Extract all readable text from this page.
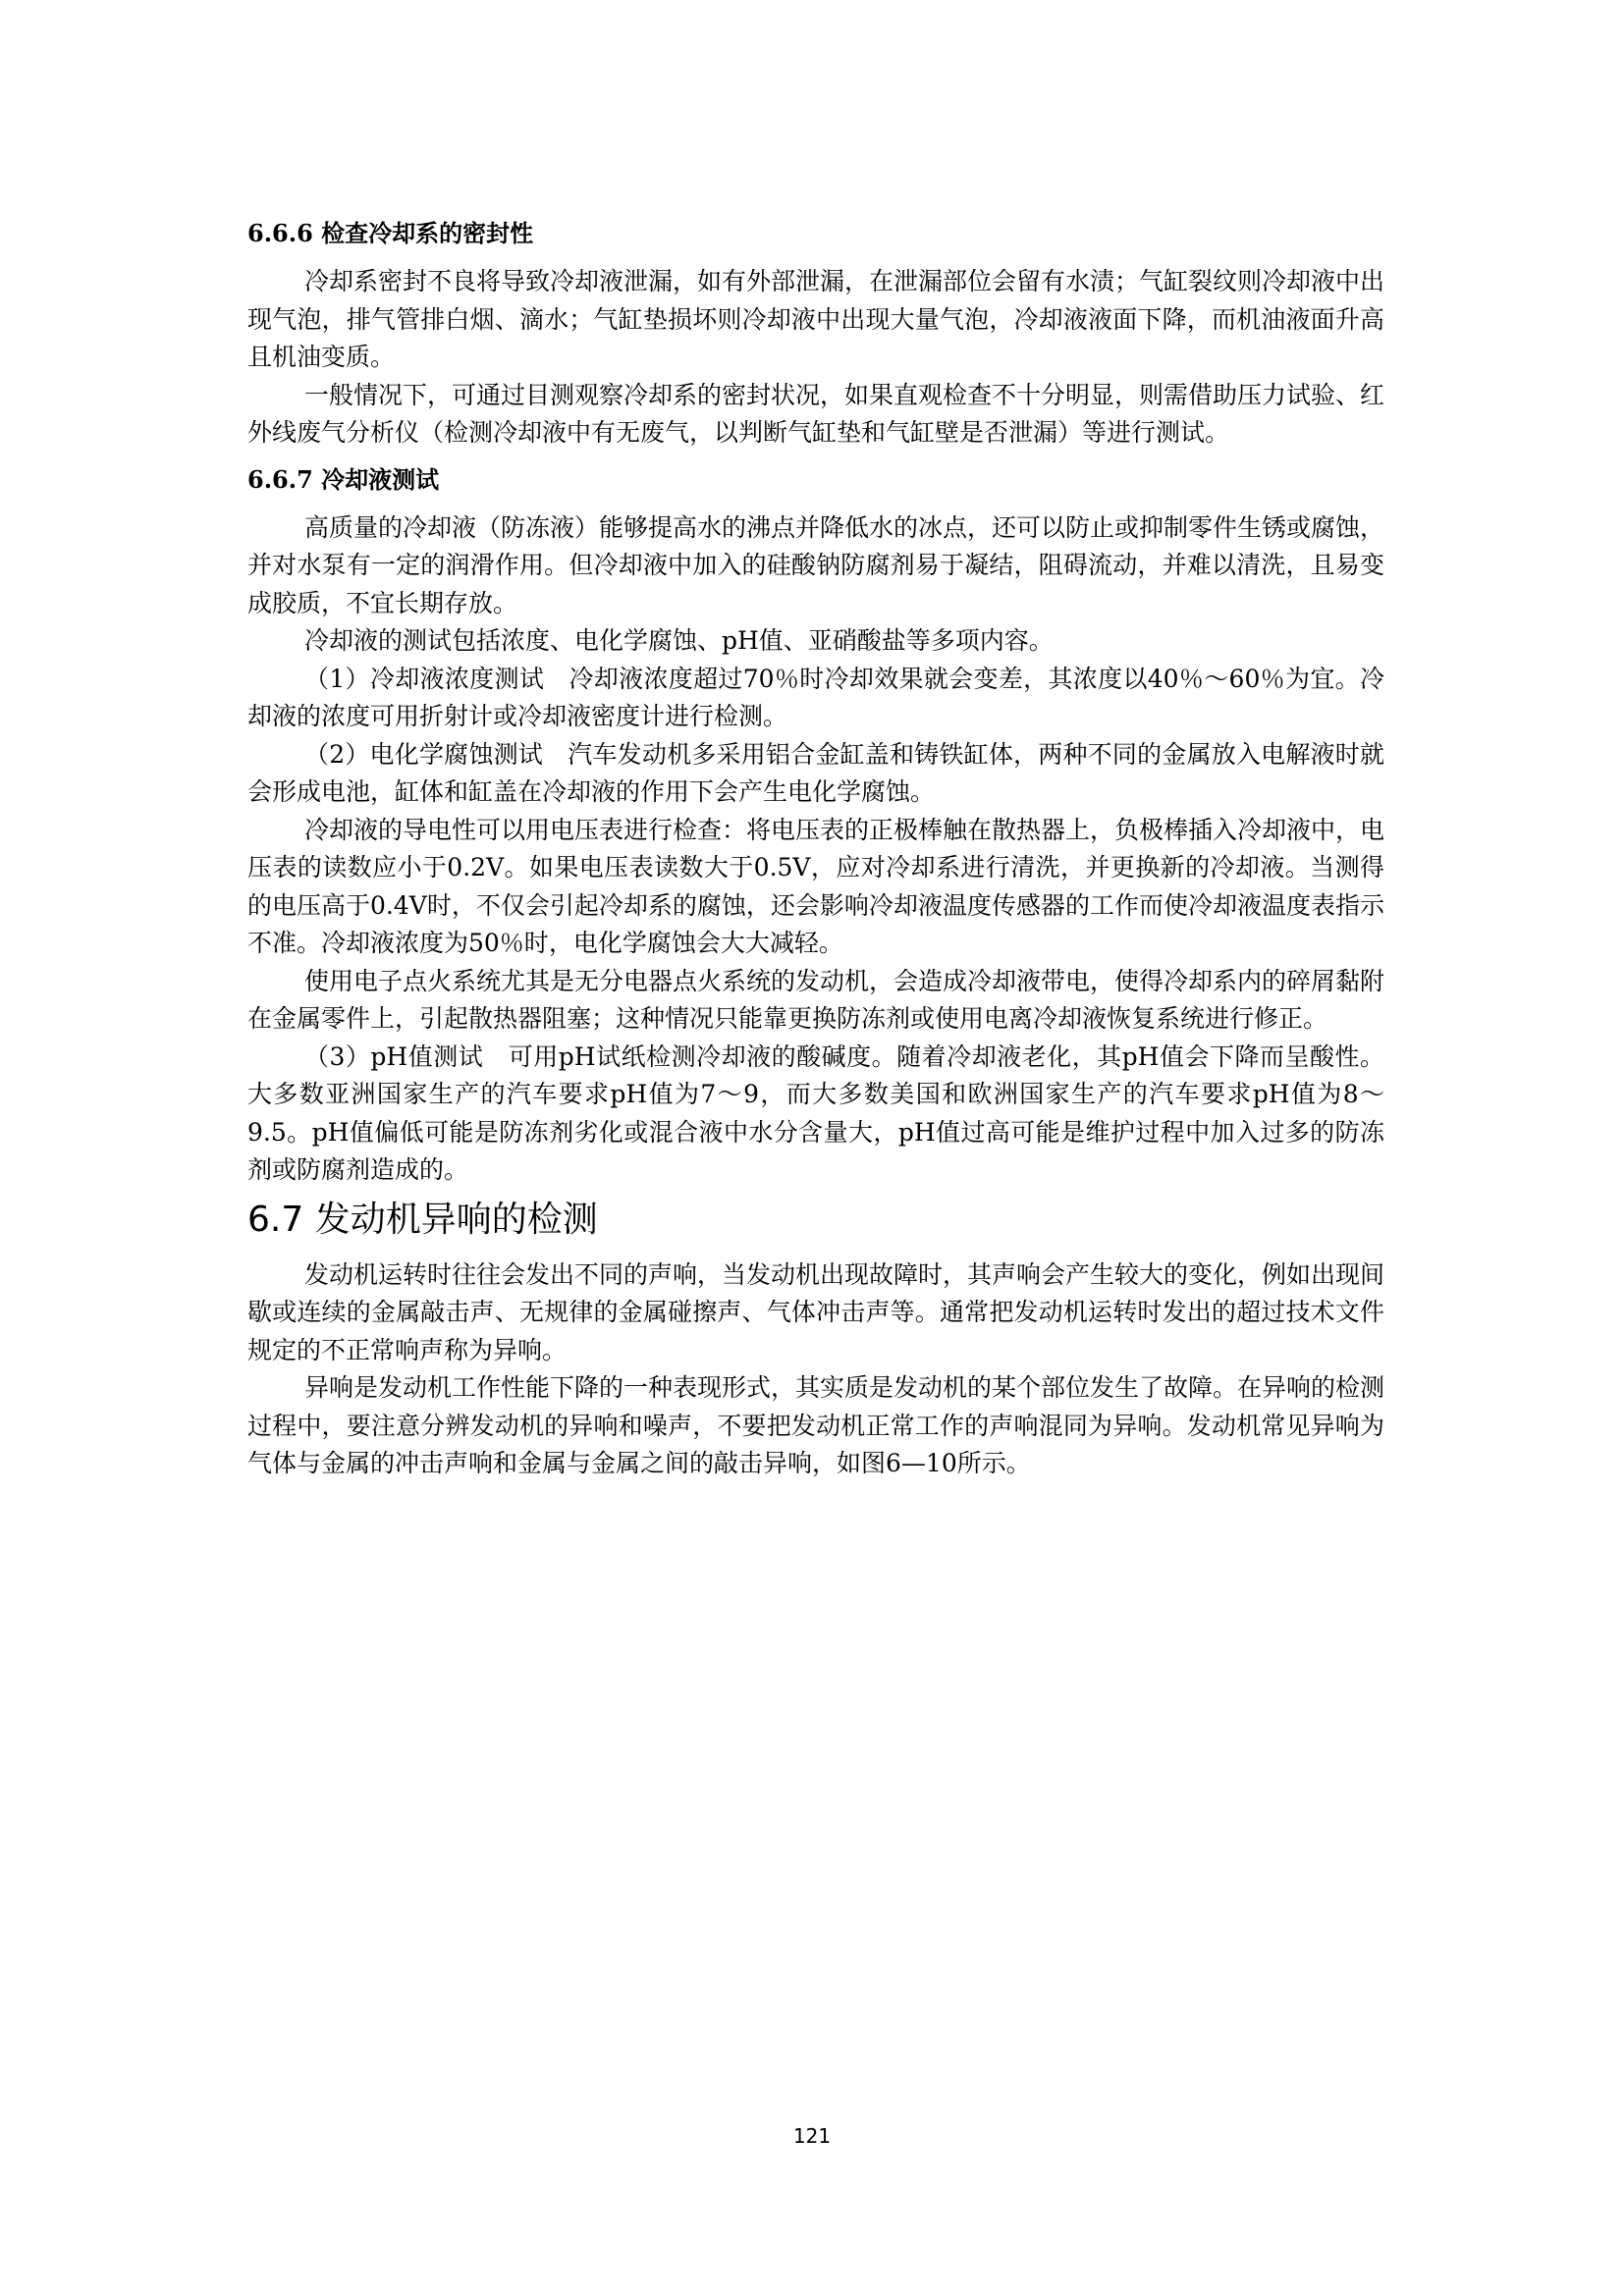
6.6.6 检查冷却系的密封性

冷却系密封不良将导致冷却液泄漏，如有外部泄漏，在泄漏部位会留有水渍；气缸裂纹则冷却液中出现气泡，排气管排白烟、滴水；气缸垫损坏则冷却液中出现大量气泡，冷却液液面下降，而机油液面升高且机油变质。

一般情况下，可通过目测观察冷却系的密封状况，如果直观检查不十分明显，则需借助压力试验、红外线废气分析仪（检测冷却液中有无废气，以判断气缸垫和气缸壁是否泄漏）等进行测试。

6.6.7 冷却液测试

高质量的冷却液（防冻液）能够提高水的沸点并降低水的冰点，还可以防止或抑制零件生锈或腐蚀，并对水泵有一定的润滑作用。但冷却液中加入的硅酸钠防腐剂易于凝结，阻碍流动，并难以清洗，且易变成胶质，不宜长期存放。

冷却液的测试包括浓度、电化学腐蚀、pH值、亚硝酸盐等多项内容。

（1）冷却液浓度测试　冷却液浓度超过70％时冷却效果就会变差，其浓度以40％～60％为宜。冷却液的浓度可用折射计或冷却液密度计进行检测。

（2）电化学腐蚀测试　汽车发动机多采用铝合金缸盖和铸铁缸体，两种不同的金属放入电解液时就会形成电池，缸体和缸盖在冷却液的作用下会产生电化学腐蚀。

冷却液的导电性可以用电压表进行检查：将电压表的正极棒触在散热器上，负极棒插入冷却液中，电压表的读数应小于0.2V。如果电压表读数大于0.5V，应对冷却系进行清洗，并更换新的冷却液。当测得的电压高于0.4V时，不仅会引起冷却系的腐蚀，还会影响冷却液温度传感器的工作而使冷却液温度表指示不准。冷却液浓度为50％时，电化学腐蚀会大大减轻。

使用电子点火系统尤其是无分电器点火系统的发动机，会造成冷却液带电，使得冷却系内的碎屑黏附在金属零件上，引起散热器阻塞；这种情况只能靠更换防冻剂或使用电离冷却液恢复系统进行修正。

（3）pH值测试　可用pH试纸检测冷却液的酸碱度。随着冷却液老化，其pH值会下降而呈酸性。大多数亚洲国家生产的汽车要求pH值为7～9，而大多数美国和欧洲国家生产的汽车要求pH值为8～9.5。pH值偏低可能是防冻剂劣化或混合液中水分含量大，pH值过高可能是维护过程中加入过多的防冻剂或防腐剂造成的。

6.7 发动机异响的检测

发动机运转时往往会发出不同的声响，当发动机出现故障时，其声响会产生较大的变化，例如出现间歇或连续的金属敲击声、无规律的金属碰擦声、气体冲击声等。通常把发动机运转时发出的超过技术文件规定的不正常响声称为异响。

异响是发动机工作性能下降的一种表现形式，其实质是发动机的某个部位发生了故障。在异响的检测过程中，要注意分辨发动机的异响和噪声，不要把发动机正常工作的声响混同为异响。发动机常见异响为气体与金属的冲击声响和金属与金属之间的敲击异响，如图6—10所示。

121
